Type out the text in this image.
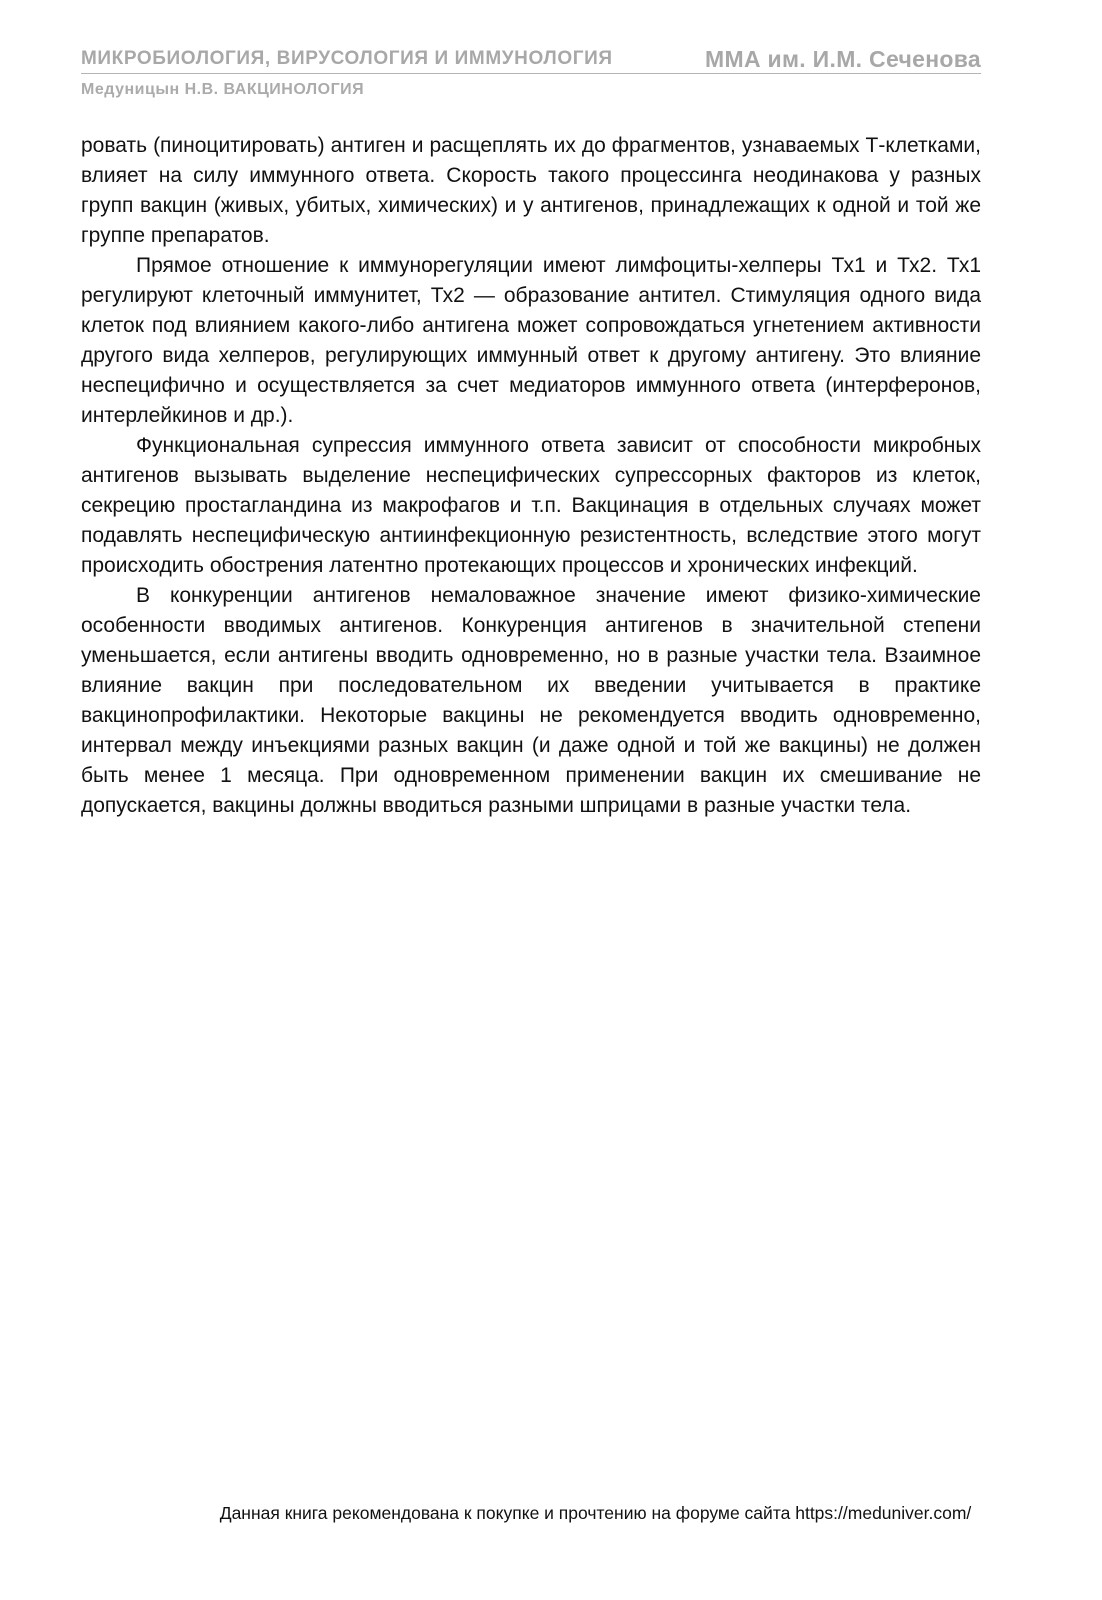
МИКРОБИОЛОГИЯ, ВИРУСОЛОГИЯ И ИММУНОЛОГИЯ	ММА им. И.М. Сеченова
Медуницын Н.В. ВАКЦИНОЛОГИЯ

ровать (пиноцитировать) антиген и расщеплять их до фрагментов, узнаваемых Т-клетками, влияет на силу иммунного ответа. Скорость такого процессинга неодинакова у разных групп вакцин (живых, убитых, химических) и у антигенов, принадлежащих к одной и той же группе препаратов.

Прямое отношение к иммунорегуляции имеют лимфоциты-хелперы Тх1 и Тх2. Тх1 регулируют клеточный иммунитет, Тх2 — образование антител. Стимуляция одного вида клеток под влиянием какого-либо антигена может сопровождаться угнетением активности другого вида хелперов, регулирующих иммунный ответ к другому антигену. Это влияние неспецифично и осуществляется за счет медиаторов иммунного ответа (интерферонов, интерлейкинов и др.).

Функциональная супрессия иммунного ответа зависит от способности микробных антигенов вызывать выделение неспецифических супрессорных факторов из клеток, секрецию простагландина из макрофагов и т.п. Вакцинация в отдельных случаях может подавлять неспецифическую антиинфекционную резистентность, вследствие этого могут происходить обострения латентно протекающих процессов и хронических инфекций.

В конкуренции антигенов немаловажное значение имеют физико-химические особенности вводимых антигенов. Конкуренция антигенов в значительной степени уменьшается, если антигены вводить одновременно, но в разные участки тела. Взаимное влияние вакцин при последовательном их введении учитывается в практике вакцинопрофилактики. Некоторые вакцины не рекомендуется вводить одновременно, интервал между инъекциями разных вакцин (и даже одной и той же вакцины) не должен быть менее 1 месяца. При одновременном применении вакцин их смешивание не допускается, вакцины должны вводиться разными шприцами в разные участки тела.

Данная книга рекомендована к покупке и прочтению на форуме сайта https://meduniver.com/
